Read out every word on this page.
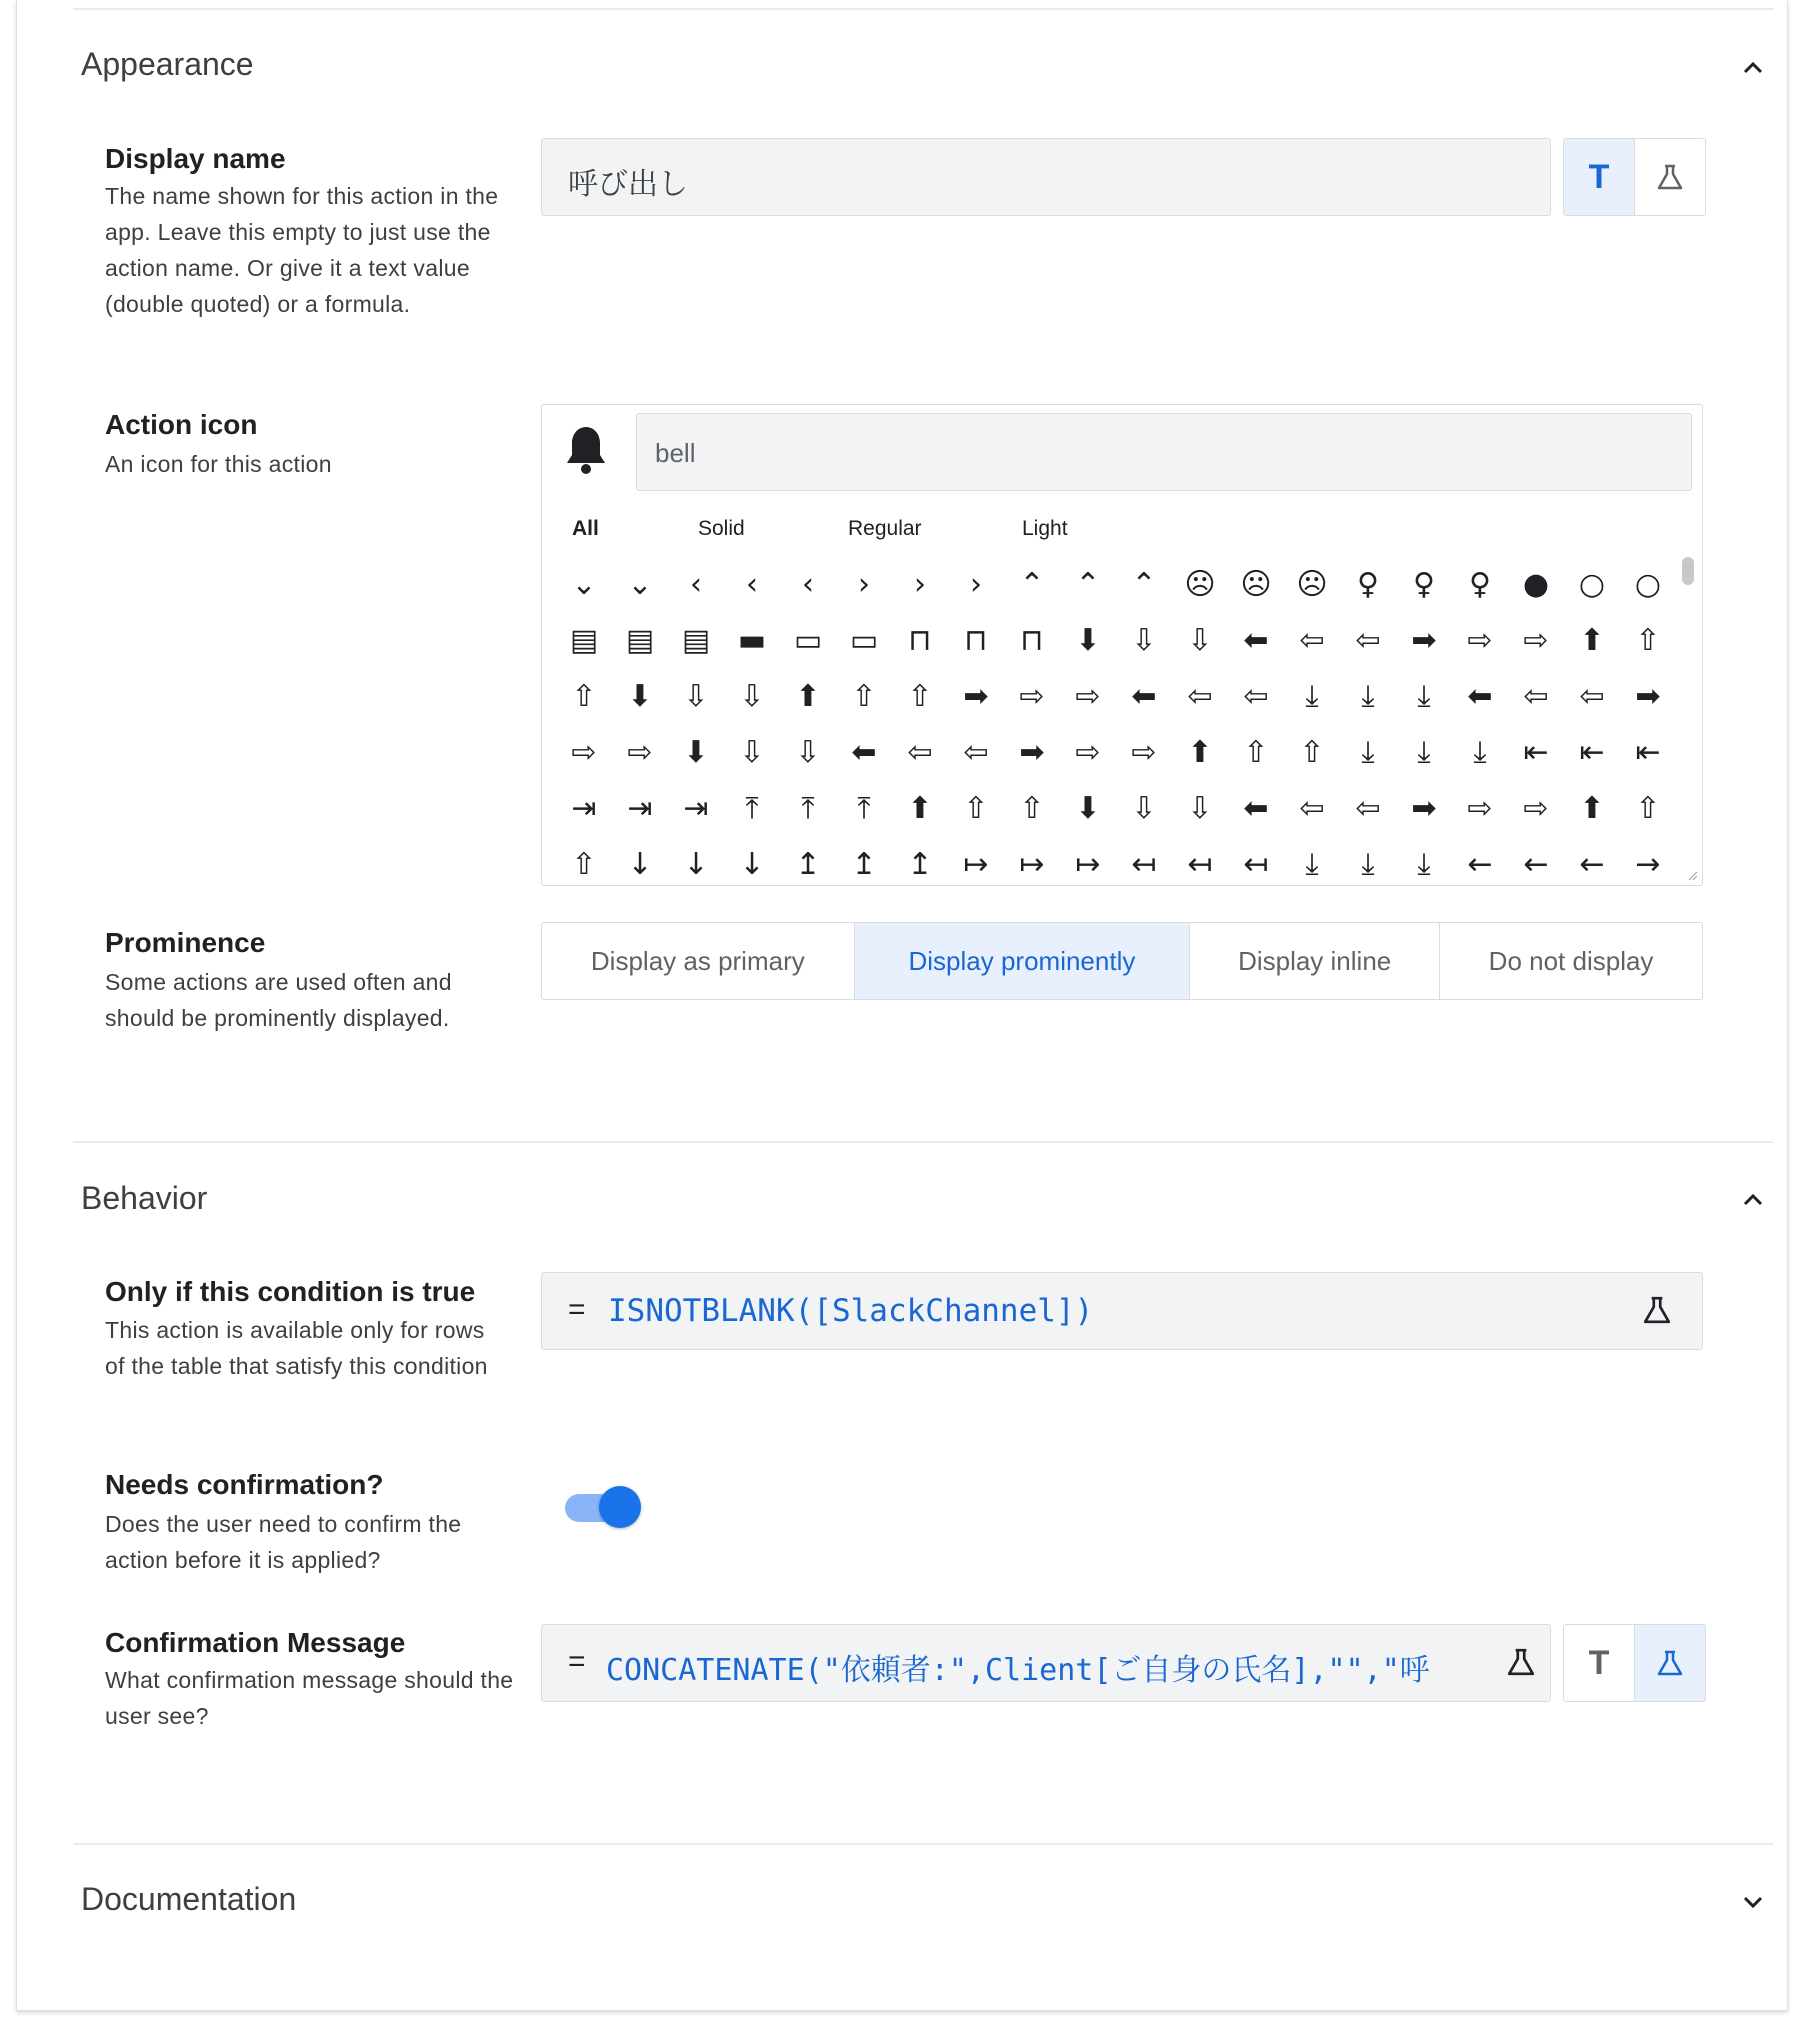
Appearance
Display name
The name shown for this action in the app. Leave this empty to just use the action name. Or give it a text value (double quoted) or a formula.
呼び出し	T
Action icon
An icon for this action	bell
All	Solid	Regular	Light
⌄	⌄	‹	‹	‹	›	›	›	⌃	⌃	⌃ ☹ ☹ ☹ ♀	♀	♀	● ○ ○
▤ ▤ ▤ ▬ ▭ ▭	⊓	⊓	⊓	⬇	⇩	⇩	⬅	⇦	⇦	➡	⇨	⇨	⬆	⇧
⇧	⬇	⇩	⇩	⬆	⇧	⇧	➡	⇨	⇨	⬅	⇦	⇦	⤓	⤓	⤓	⬅	⇦	⇦	➡
⇨	⇨	⬇	⇩	⇩	⬅	⇦	⇦	➡	⇨	⇨	⬆	⇧	⇧	⤓	⤓	⤓	⇤	⇤	⇤
⇥	⇥	⇥	⤒	⤒	⤒	⬆	⇧	⇧	⬇	⇩	⇩	⬅	⇦	⇦	➡	⇨	⇨	⬆	⇧
⇧	↓	↓	↓	↥	↥	↥	↦	↦	↦	↤	↤	↤	⤓	⤓	⤓	←	←	←	→
Prominence
Some actions are used often and should be prominently displayed.
Display as primary	Display prominently	Display inline	Do not display
Behavior
Only if this condition is true
This action is available only for rows of the table that satisfy this condition
= ISNOTBLANK([SlackChannel])
Needs confirmation?
Does the user need to confirm the action before it is applied?
Confirmation Message
What confirmation message should the user see?
= CONCATENATE("依頼者:",Client[ご自身の氏名],"","呼	T
Documentation
